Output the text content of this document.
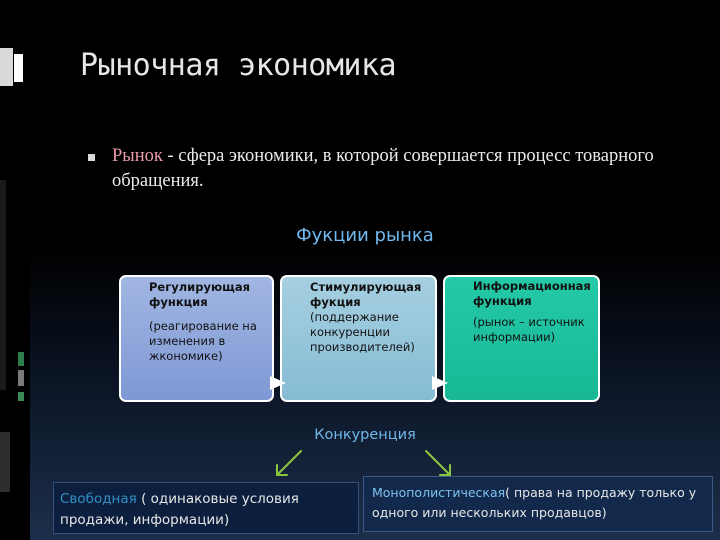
Рыночная экономика
Рынок - сфера экономики, в которой совершается процесс товарного обращения.
Фукции рынка
Регулирующая функция
(реагирование на изменения в жкономике)
Стимулирующая фукция
(поддержание конкуренции производителей)
Информационная функция
(рынок – источник информации)
Конкуренция
Свободная ( одинаковые условия продажи, информации)
Монополистическая( права на продажу только у одного или нескольких продавцов)
